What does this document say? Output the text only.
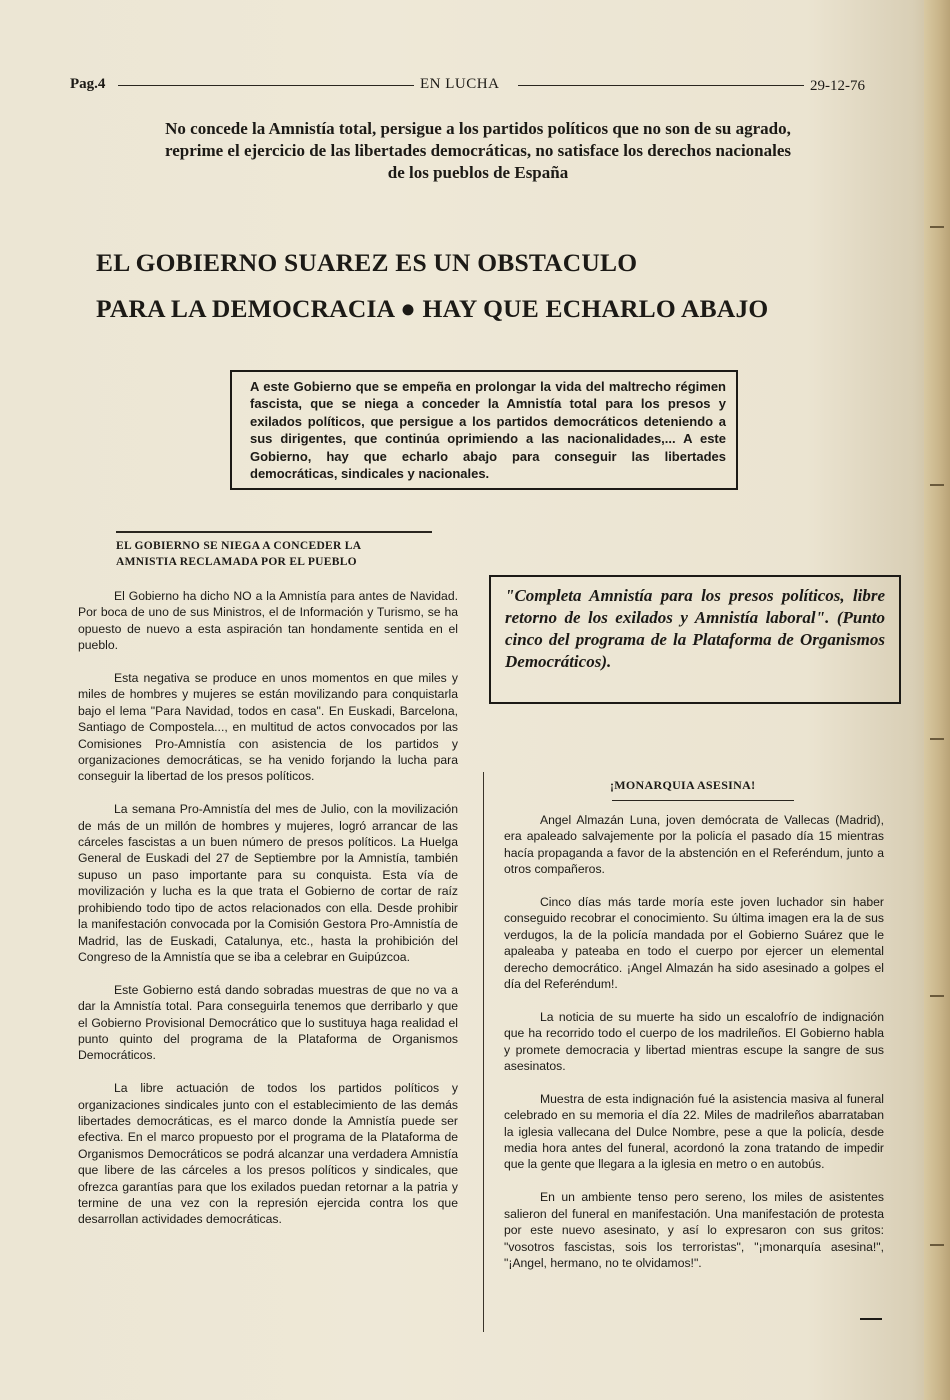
Pag.4	EN LUCHA	29-12-76
No concede la Amnistía total, persigue a los partidos políticos que no son de su agrado,
reprime el ejercicio de las libertades democráticas, no satisface los derechos nacionales
de los pueblos de España
EL GOBIERNO SUAREZ ES UN OBSTACULO
PARA LA DEMOCRACIA ● HAY QUE ECHARLO ABAJO
A este Gobierno que se empeña en prolongar la vida del maltrecho régimen fascista, que se niega a conceder la Amnistía total para los presos y exilados políticos, que persigue a los partidos democráticos deteniendo a sus dirigentes, que continúa oprimiendo a las nacionalidades,... A este Gobierno, hay que echarlo abajo para conseguir las libertades democráticas, sindicales y nacionales.
EL GOBIERNO SE NIEGA A CONCEDER LA
AMNISTIA RECLAMADA POR EL PUEBLO

El Gobierno ha dicho NO a la Amnistía para antes de Navidad. Por boca de uno de sus Ministros, el de Información y Turismo, se ha opuesto de nuevo a esta aspiración tan hondamente sentida en el pueblo.

Esta negativa se produce en unos momentos en que miles y miles de hombres y mujeres se están movilizando para conquistarla bajo el lema "Para Navidad, todos en casa". En Euskadi, Barcelona, Santiago de Compostela..., en multitud de actos convocados por las Comisiones Pro-Amnistía con asistencia de los partidos y organizaciones democráticas, se ha venido forjando la lucha para conseguir la libertad de los presos políticos.

La semana Pro-Amnistía del mes de Julio, con la movilización de más de un millón de hombres y mujeres, logró arrancar de las cárceles fascistas a un buen número de presos políticos. La Huelga General de Euskadi del 27 de Septiembre por la Amnistía, también supuso un paso importante para su conquista. Esta vía de movilización y lucha es la que trata el Gobierno de cortar de raíz prohibiendo todo tipo de actos relacionados con ella. Desde prohibir la manifestación convocada por la Comisión Gestora Pro-Amnistía de Madrid, las de Euskadi, Catalunya, etc., hasta la prohibición del Congreso de la Amnistía que se iba a celebrar en Guipúzcoa.

Este Gobierno está dando sobradas muestras de que no va a dar la Amnistía total. Para conseguirla tenemos que derribarlo y que el Gobierno Provisional Democrático que lo sustituya haga realidad el punto quinto del programa de la Plataforma de Organismos Democráticos.

La libre actuación de todos los partidos políticos y organizaciones sindicales junto con el establecimiento de las demás libertades democráticas, es el marco donde la Amnistía puede ser efectiva. En el marco propuesto por el programa de la Plataforma de Organismos Democráticos se podrá alcanzar una verdadera Amnistía que libere de las cárceles a los presos políticos y sindicales, que ofrezca garantías para que los exilados puedan retornar a la patria y termine de una vez con la represión ejercida contra los que desarrollan actividades democráticas.

"Completa Amnistía para los presos políticos, libre retorno de los exilados y Amnistía laboral". (Punto cinco del programa de la Plataforma de Organismos Democráticos).
¡MONARQUIA ASESINA!

Angel Almazán Luna, joven demócrata de Vallecas (Madrid), era apaleado salvajemente por la policía el pasado día 15 mientras hacía propaganda a favor de la abstención en el Referéndum, junto a otros compañeros.

Cinco días más tarde moría este joven luchador sin haber conseguido recobrar el conocimiento. Su última imagen era la de sus verdugos, la de la policía mandada por el Gobierno Suárez que le apaleaba y pateaba en todo el cuerpo por ejercer un elemental derecho democrático. ¡Angel Almazán ha sido asesinado a golpes el día del Referéndum!.

La noticia de su muerte ha sido un escalofrío de indignación que ha recorrido todo el cuerpo de los madrileños. El Gobierno habla y promete democracia y libertad mientras escupe la sangre de sus asesinatos.

Muestra de esta indignación fué la asistencia masiva al funeral celebrado en su memoria el día 22. Miles de madrileños abarrataban la iglesia vallecana del Dulce Nombre, pese a que la policía, desde media hora antes del funeral, acordonó la zona tratando de impedir que la gente que llegara a la iglesia en metro o en autobús.

En un ambiente tenso pero sereno, los miles de asistentes salieron del funeral en manifestación. Una manifestación de protesta por este nuevo asesinato, y así lo expresaron con sus gritos: "vosotros fascistas, sois los terroristas", "¡monarquía asesina!", "¡Angel, hermano, no te olvidamos!".
